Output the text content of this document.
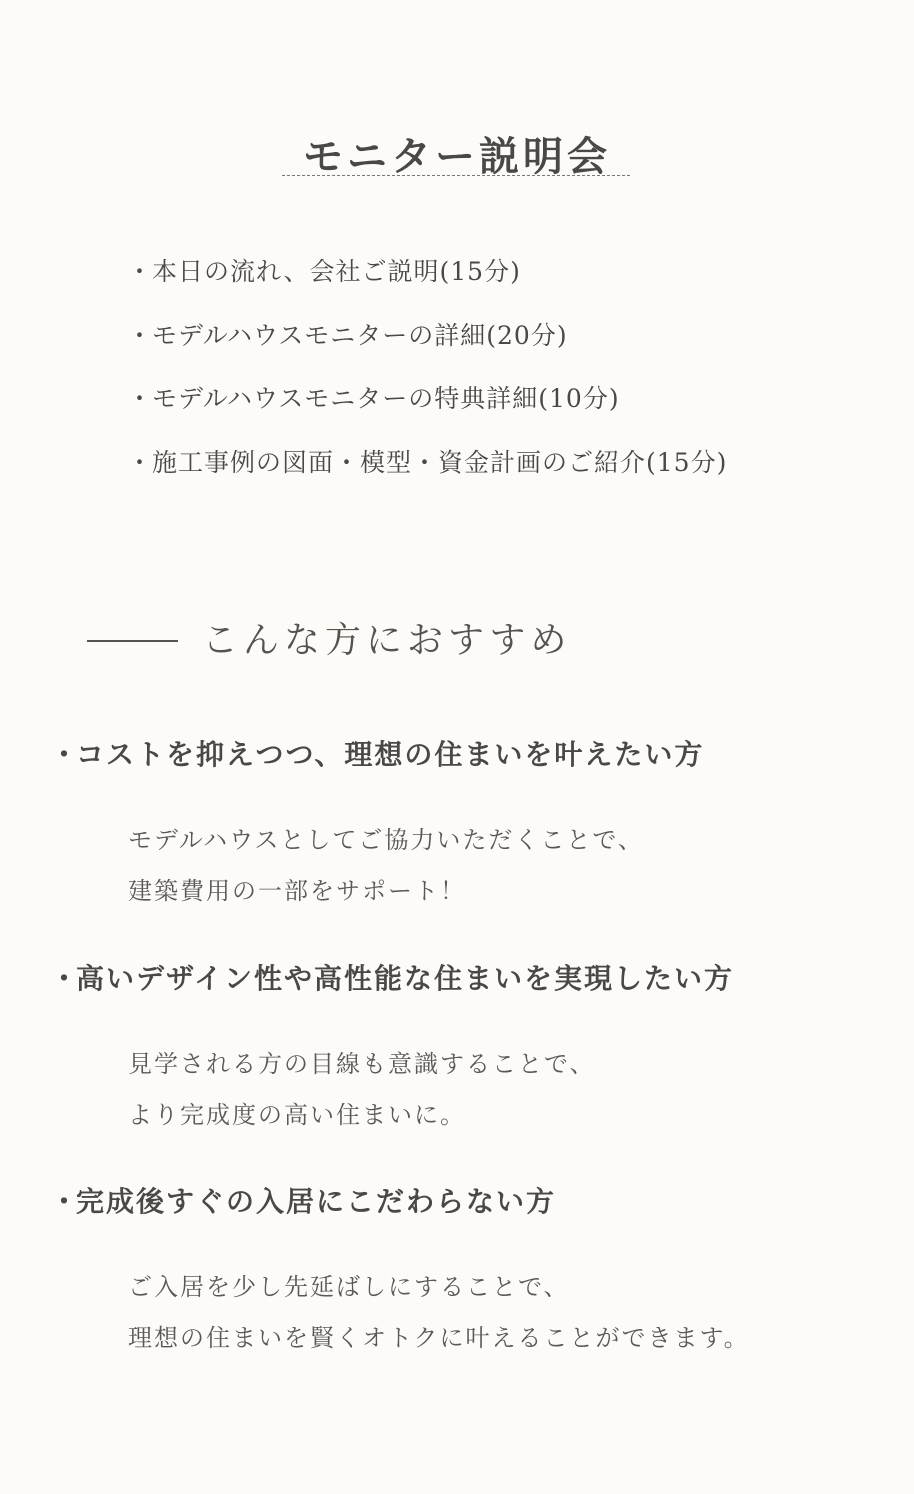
モニター説明会
・本日の流れ、会社ご説明(15分)
・モデルハウスモニターの詳細(20分)
・モデルハウスモニターの特典詳細(10分)
・施工事例の図面・模型・資金計画のご紹介(15分)
こんな方におすすめ
・コストを抑えつつ、理想の住まいを叶えたい方
モデルハウスとしてご協力いただくことで、
建築費用の一部をサポート！
・高いデザイン性や高性能な住まいを実現したい方
見学される方の目線も意識することで、
より完成度の高い住まいに。
・完成後すぐの入居にこだわらない方
ご入居を少し先延ばしにすることで、
理想の住まいを賢くオトクに叶えることができます。
